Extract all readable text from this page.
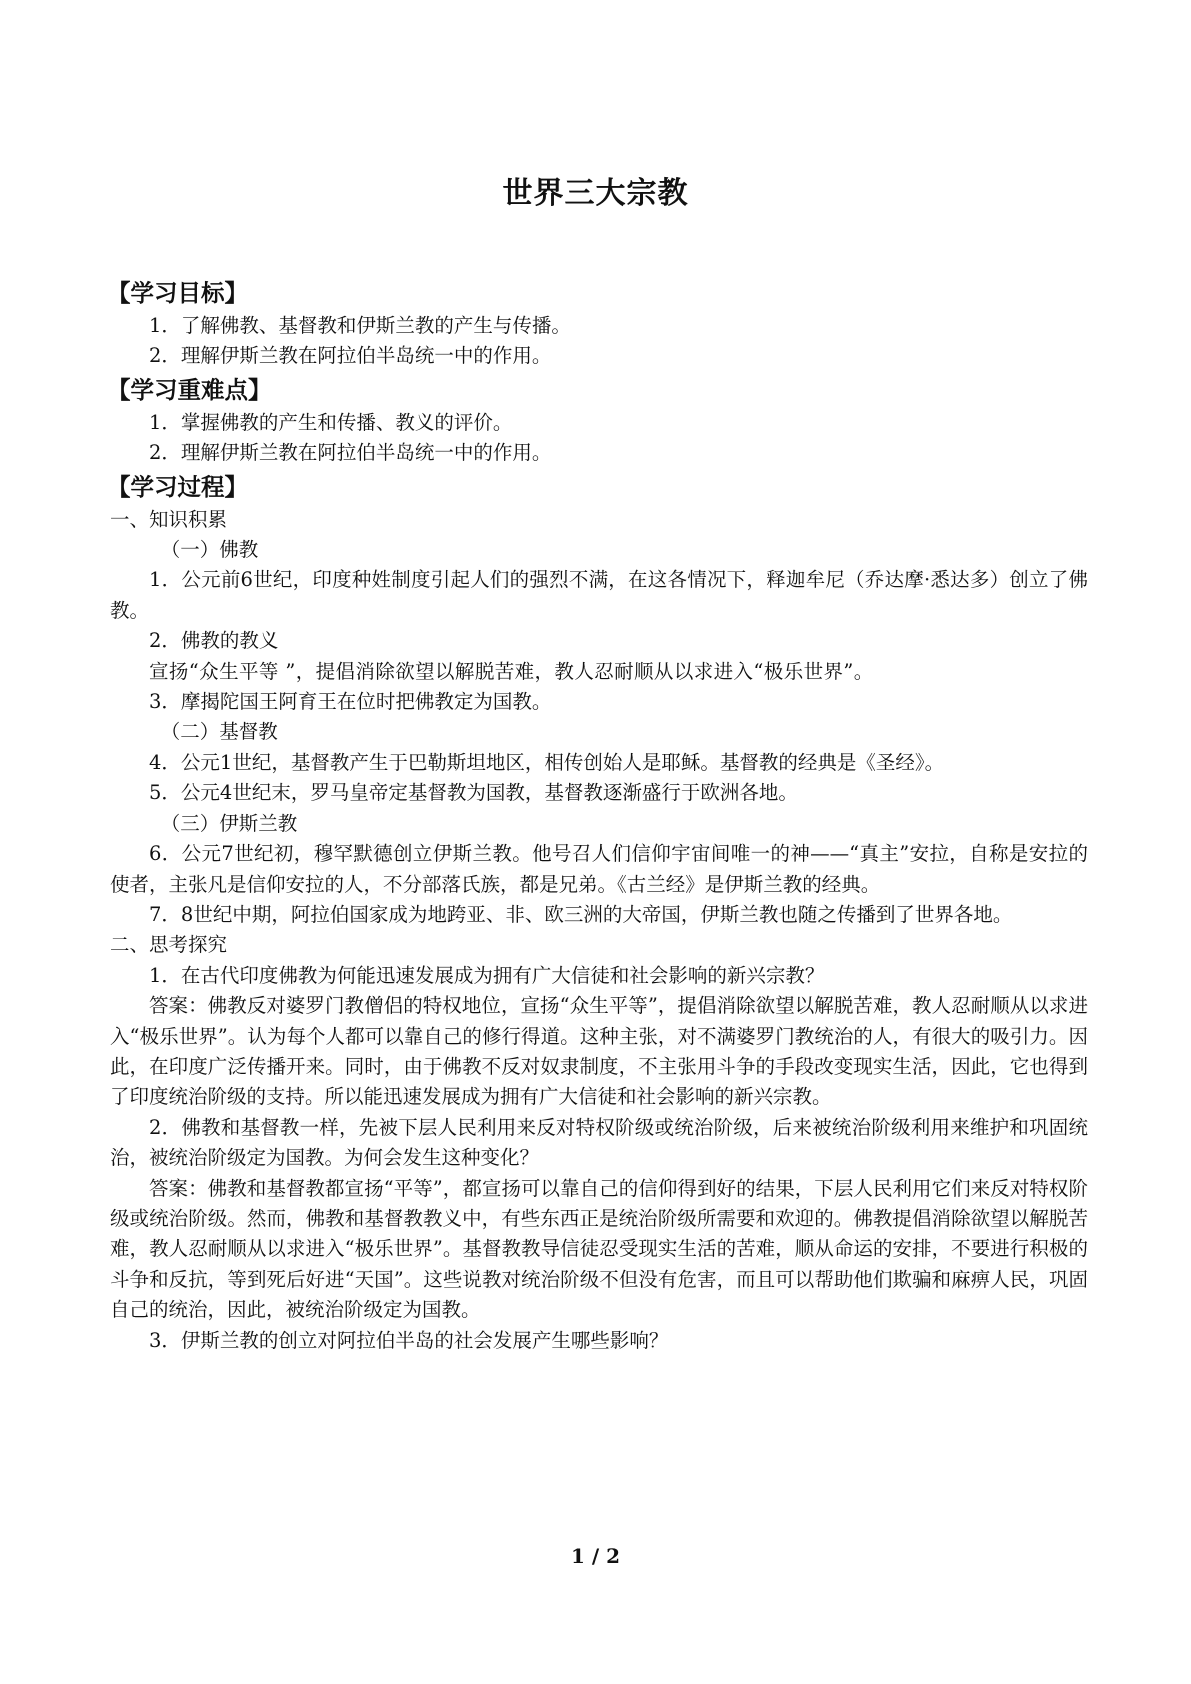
世界三大宗教
【学习目标】
1．了解佛教、基督教和伊斯兰教的产生与传播。
2．理解伊斯兰教在阿拉伯半岛统一中的作用。
【学习重难点】
1．掌握佛教的产生和传播、教义的评价。
2．理解伊斯兰教在阿拉伯半岛统一中的作用。
【学习过程】
一、知识积累
（一）佛教
1．公元前6世纪，印度种姓制度引起人们的强烈不满，在这各情况下，释迦牟尼（乔达摩·悉达多）创立了佛教。
2．佛教的教义
宣扬“众生平等 ”，提倡消除欲望以解脱苦难，教人忍耐顺从以求进入“极乐世界”。
3．摩揭陀国王阿育王在位时把佛教定为国教。
（二）基督教
4．公元1世纪，基督教产生于巴勒斯坦地区，相传创始人是耶稣。基督教的经典是《圣经》。
5．公元4世纪末，罗马皇帝定基督教为国教，基督教逐渐盛行于欧洲各地。
（三）伊斯兰教
6．公元7世纪初，穆罕默德创立伊斯兰教。他号召人们信仰宇宙间唯一的神——“真主”安拉，自称是安拉的使者，主张凡是信仰安拉的人，不分部落氏族，都是兄弟。《古兰经》是伊斯兰教的经典。
7．8世纪中期，阿拉伯国家成为地跨亚、非、欧三洲的大帝国，伊斯兰教也随之传播到了世界各地。
二、思考探究
1．在古代印度佛教为何能迅速发展成为拥有广大信徒和社会影响的新兴宗教？
答案：佛教反对婆罗门教僧侣的特权地位，宣扬“众生平等”，提倡消除欲望以解脱苦难，教人忍耐顺从以求进入“极乐世界”。认为每个人都可以靠自己的修行得道。这种主张，对不满婆罗门教统治的人，有很大的吸引力。因此，在印度广泛传播开来。同时，由于佛教不反对奴隶制度，不主张用斗争的手段改变现实生活，因此，它也得到了印度统治阶级的支持。所以能迅速发展成为拥有广大信徒和社会影响的新兴宗教。
2．佛教和基督教一样，先被下层人民利用来反对特权阶级或统治阶级，后来被统治阶级利用来维护和巩固统治，被统治阶级定为国教。为何会发生这种变化？
答案：佛教和基督教都宣扬“平等”，都宣扬可以靠自己的信仰得到好的结果，下层人民利用它们来反对特权阶级或统治阶级。然而，佛教和基督教教义中，有些东西正是统治阶级所需要和欢迎的。佛教提倡消除欲望以解脱苦难，教人忍耐顺从以求进入“极乐世界”。基督教教导信徒忍受现实生活的苦难，顺从命运的安排，不要进行积极的斗争和反抗，等到死后好进“天国”。这些说教对统治阶级不但没有危害，而且可以帮助他们欺骗和麻痹人民，巩固自己的统治，因此，被统治阶级定为国教。
3．伊斯兰教的创立对阿拉伯半岛的社会发展产生哪些影响？
1 / 2
